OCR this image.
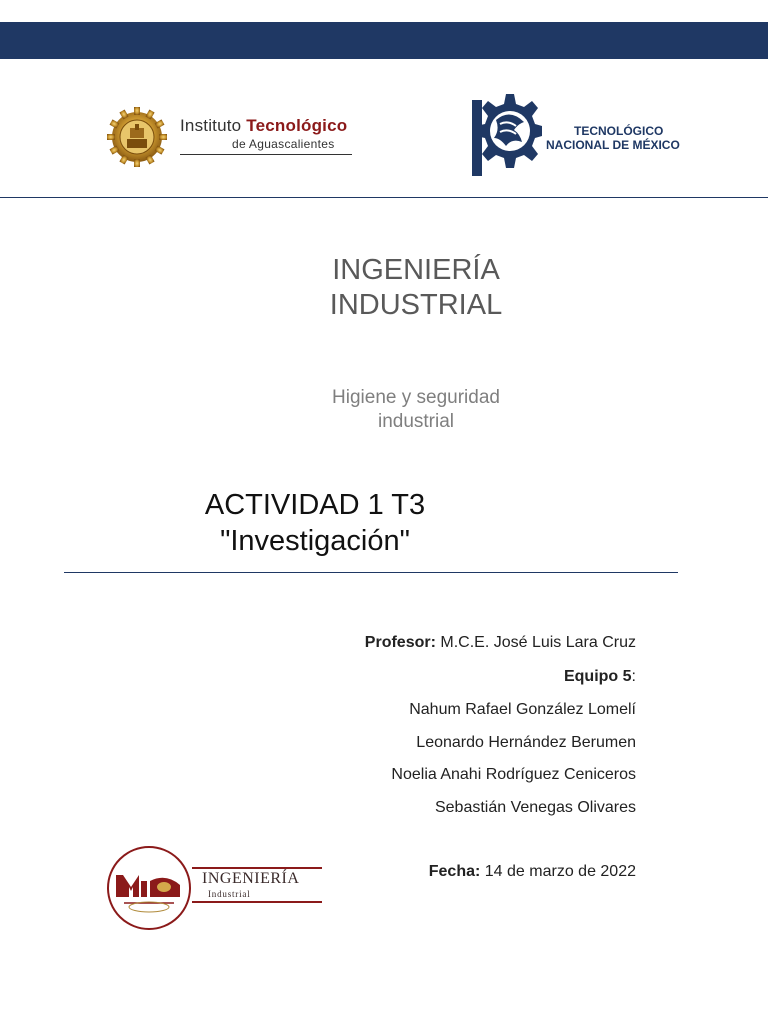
Instituto Tecnológico
de Aguascalientes
TECNOLÓGICO
NACIONAL DE MÉXICO
INGENIERÍA
INDUSTRIAL
Higiene y seguridad
industrial
ACTIVIDAD 1 T3
"Investigación"
Profesor: M.C.E. José Luis Lara Cruz
Equipo 5:
Nahum Rafael González Lomelí
Leonardo Hernández Berumen
Noelia Anahi Rodríguez Ceniceros
Sebastián Venegas Olivares
Fecha: 14 de marzo de 2022
INGENIERÍA
Industrial
